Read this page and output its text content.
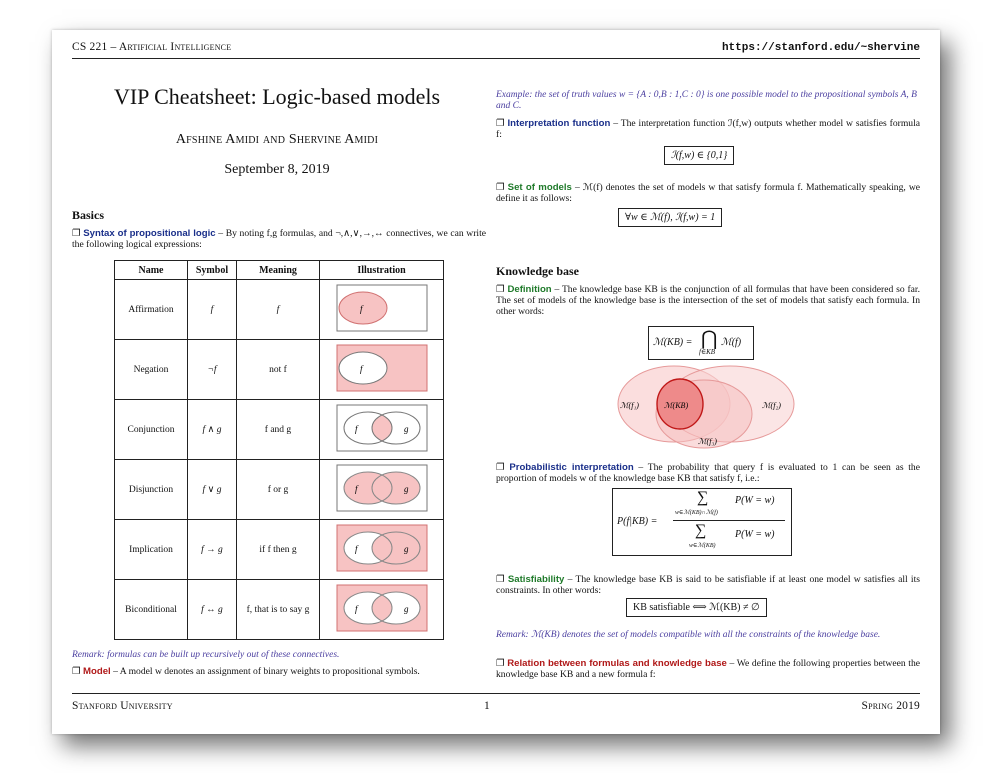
CS 221 – Artificial Intelligence	https://stanford.edu/~shervine
VIP Cheatsheet: Logic-based models
Afshine Amidi and Shervine Amidi
September 8, 2019
Basics
❐ Syntax of propositional logic – By noting f,g formulas, and ¬,∧,∨,→,↔ connectives, we can write the following logical expressions:
Name	Symbol	Meaning	Illustration
Affirmation	f	f	f

Negation	¬f	not f	f

Conjunction	f ∧ g	f and g	f g

Disjunction	f ∨ g	f or g	f g

Implication	f → g	if f then g	f g

Biconditional	f ↔ g	f, that is to say g	f g
Remark: formulas can be built up recursively out of these connectives.
❐ Model – A model w denotes an assignment of binary weights to propositional symbols.
Example: the set of truth values w = {A : 0,B : 1,C : 0} is one possible model to the propositional symbols A, B and C.
❐ Interpretation function – The interpretation function ℐ(f,w) outputs whether model w satisfies formula f:
ℐ(f,w) ∈ {0,1}
❐ Set of models – ℳ(f) denotes the set of models w that satisfy formula f. Mathematically speaking, we define it as follows:
∀w ∈ ℳ(f), ℐ(f,w) = 1
Knowledge base
❐ Definition – The knowledge base KB is the conjunction of all formulas that have been considered so far. The set of models of the knowledge base is the intersection of the set of models that satisfy each formula. In other words:
ℳ(KB) = ⋂
f∈KB
ℳ(f)
ℳ(f₁)	ℳ(KB)	ℳ(f₂)
ℳ(f₃)
❐ Probabilistic interpretation – The probability that query f is evaluated to 1 can be seen as the proportion of models w of the knowledge base KB that satisfy f, i.e.:
P(f|KB) =
∑
w∈ℳ(KB)∩ℳ(f)
P(W = w)
∑
w∈ℳ(KB)
P(W = w)
❐ Satisfiability – The knowledge base KB is said to be satisfiable if at least one model w satisfies all its constraints. In other words:
KB satisfiable ⟺ ℳ(KB) ≠ ∅
Remark: ℳ(KB) denotes the set of models compatible with all the constraints of the knowledge base.
❐ Relation between formulas and knowledge base – We define the following properties between the knowledge base KB and a new formula f:
Stanford University	1	Spring 2019
